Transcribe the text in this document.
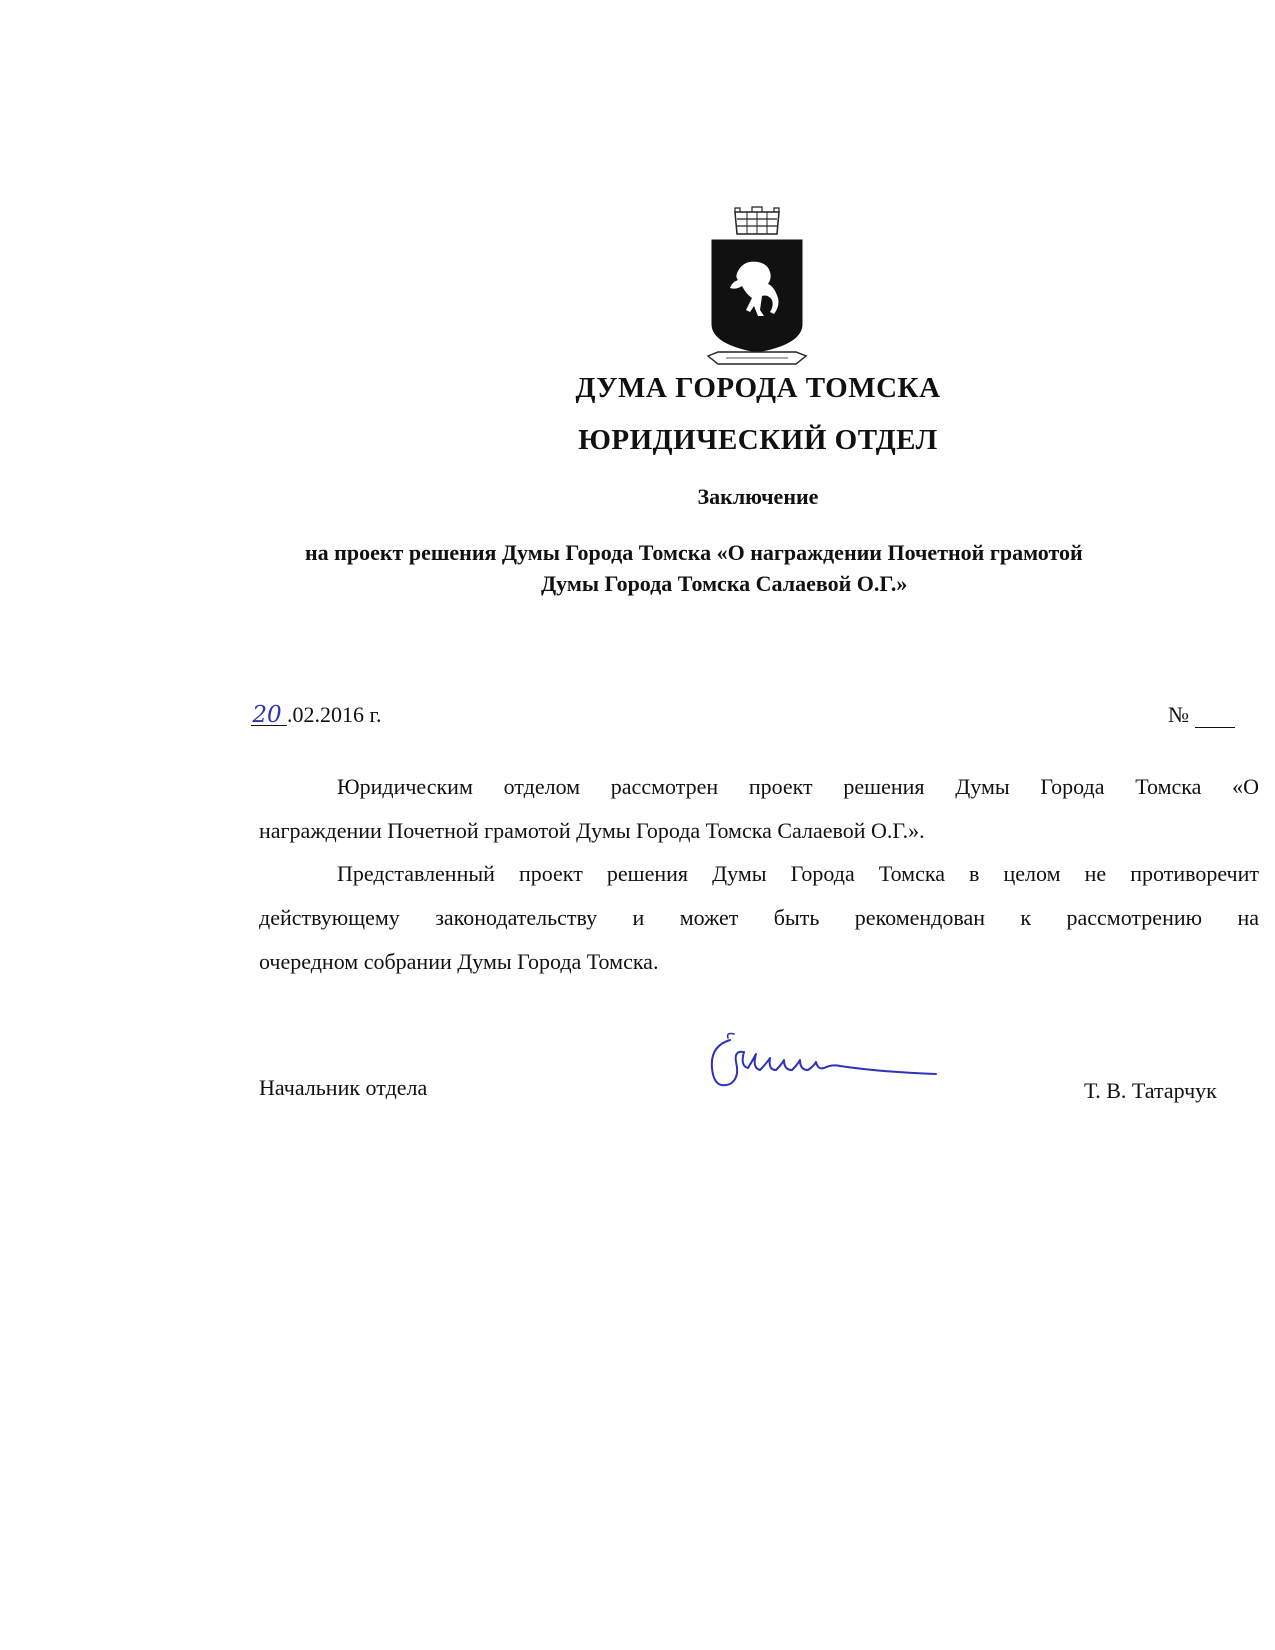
ДУМА ГОРОДА ТОМСКА
ЮРИДИЧЕСКИЙ ОТДЕЛ
Заключение
на проект решения Думы Города Томска «О награждении Почетной грамотой
Думы Города Томска Салаевой О.Г.»
20 .02.2016 г.	№
Юридическим отделом рассмотрен проект решения Думы Города Томска «О
награждении Почетной грамотой Думы Города Томска Салаевой О.Г.».
Представленный проект решения Думы Города Томска в целом не противоречит
действующему законодательству и может быть рекомендован к рассмотрению на
очередном собрании Думы Города Томска.
Начальник отдела	Т. В. Татарчук
